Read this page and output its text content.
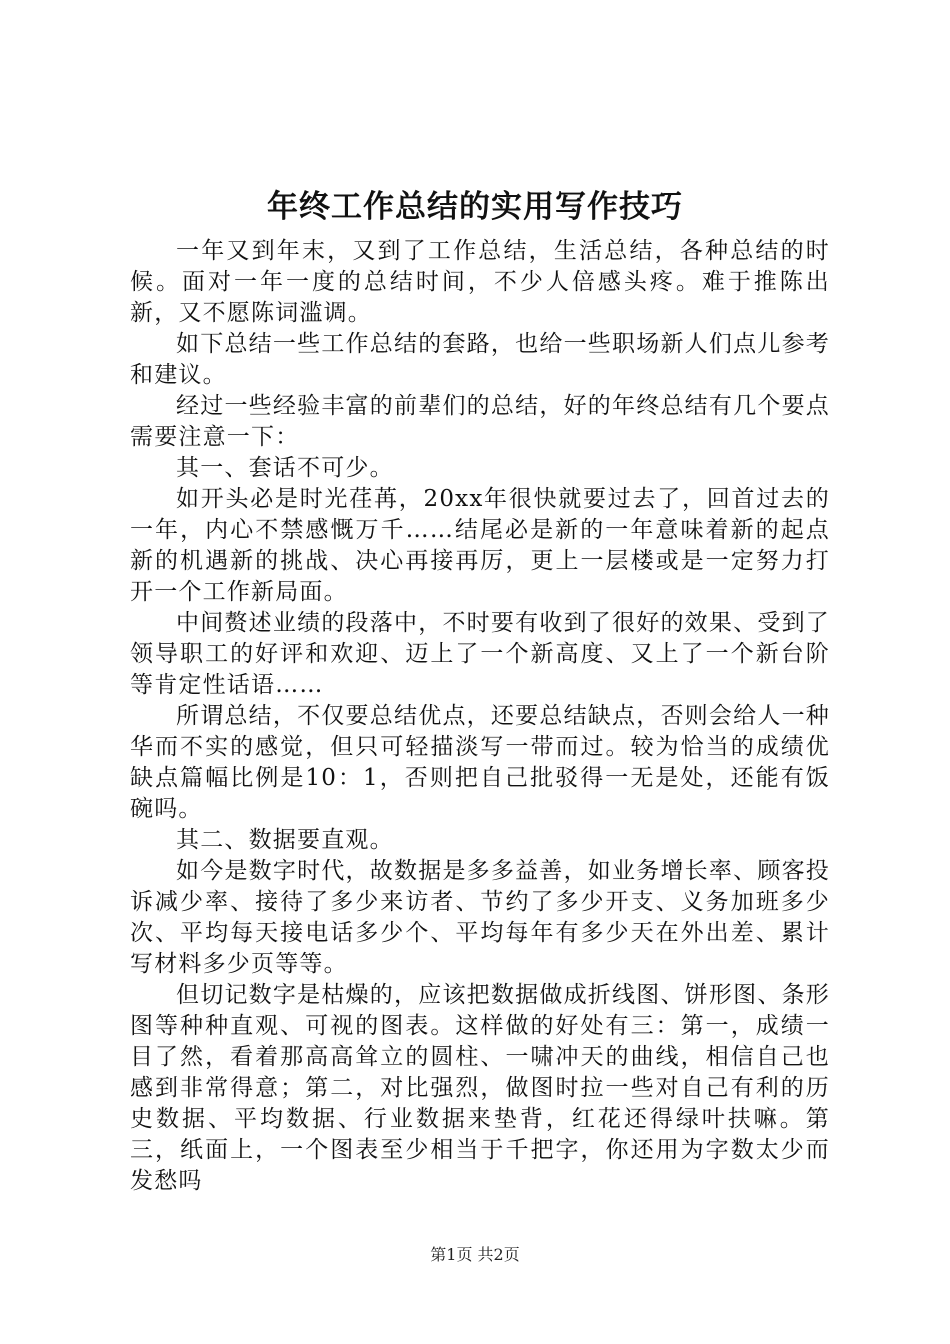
年终工作总结的实用写作技巧

一年又到年末，又到了工作总结，生活总结，各种总结的时候。面对一年一度的总结时间，不少人倍感头疼。难于推陈出新，又不愿陈词滥调。

如下总结一些工作总结的套路，也给一些职场新人们点儿参考和建议。

经过一些经验丰富的前辈们的总结，好的年终总结有几个要点需要注意一下：

其一、套话不可少。

如开头必是时光荏苒，20xx年很快就要过去了，回首过去的一年，内心不禁感慨万千……结尾必是新的一年意味着新的起点新的机遇新的挑战、决心再接再厉，更上一层楼或是一定努力打开一个工作新局面。

中间赘述业绩的段落中，不时要有收到了很好的效果、受到了领导职工的好评和欢迎、迈上了一个新高度、又上了一个新台阶等肯定性话语……

所谓总结，不仅要总结优点，还要总结缺点，否则会给人一种华而不实的感觉，但只可轻描淡写一带而过。较为恰当的成绩优缺点篇幅比例是10：1，否则把自己批驳得一无是处，还能有饭碗吗。

其二、数据要直观。

如今是数字时代，故数据是多多益善，如业务增长率、顾客投诉减少率、接待了多少来访者、节约了多少开支、义务加班多少次、平均每天接电话多少个、平均每年有多少天在外出差、累计写材料多少页等等。

但切记数字是枯燥的，应该把数据做成折线图、饼形图、条形图等种种直观、可视的图表。这样做的好处有三：第一，成绩一目了然，看着那高高耸立的圆柱、一啸冲天的曲线，相信自己也感到非常得意；第二，对比强烈，做图时拉一些对自己有利的历史数据、平均数据、行业数据来垫背，红花还得绿叶扶嘛。第三，纸面上，一个图表至少相当于千把字，你还用为字数太少而发愁吗

第1页 共2页
